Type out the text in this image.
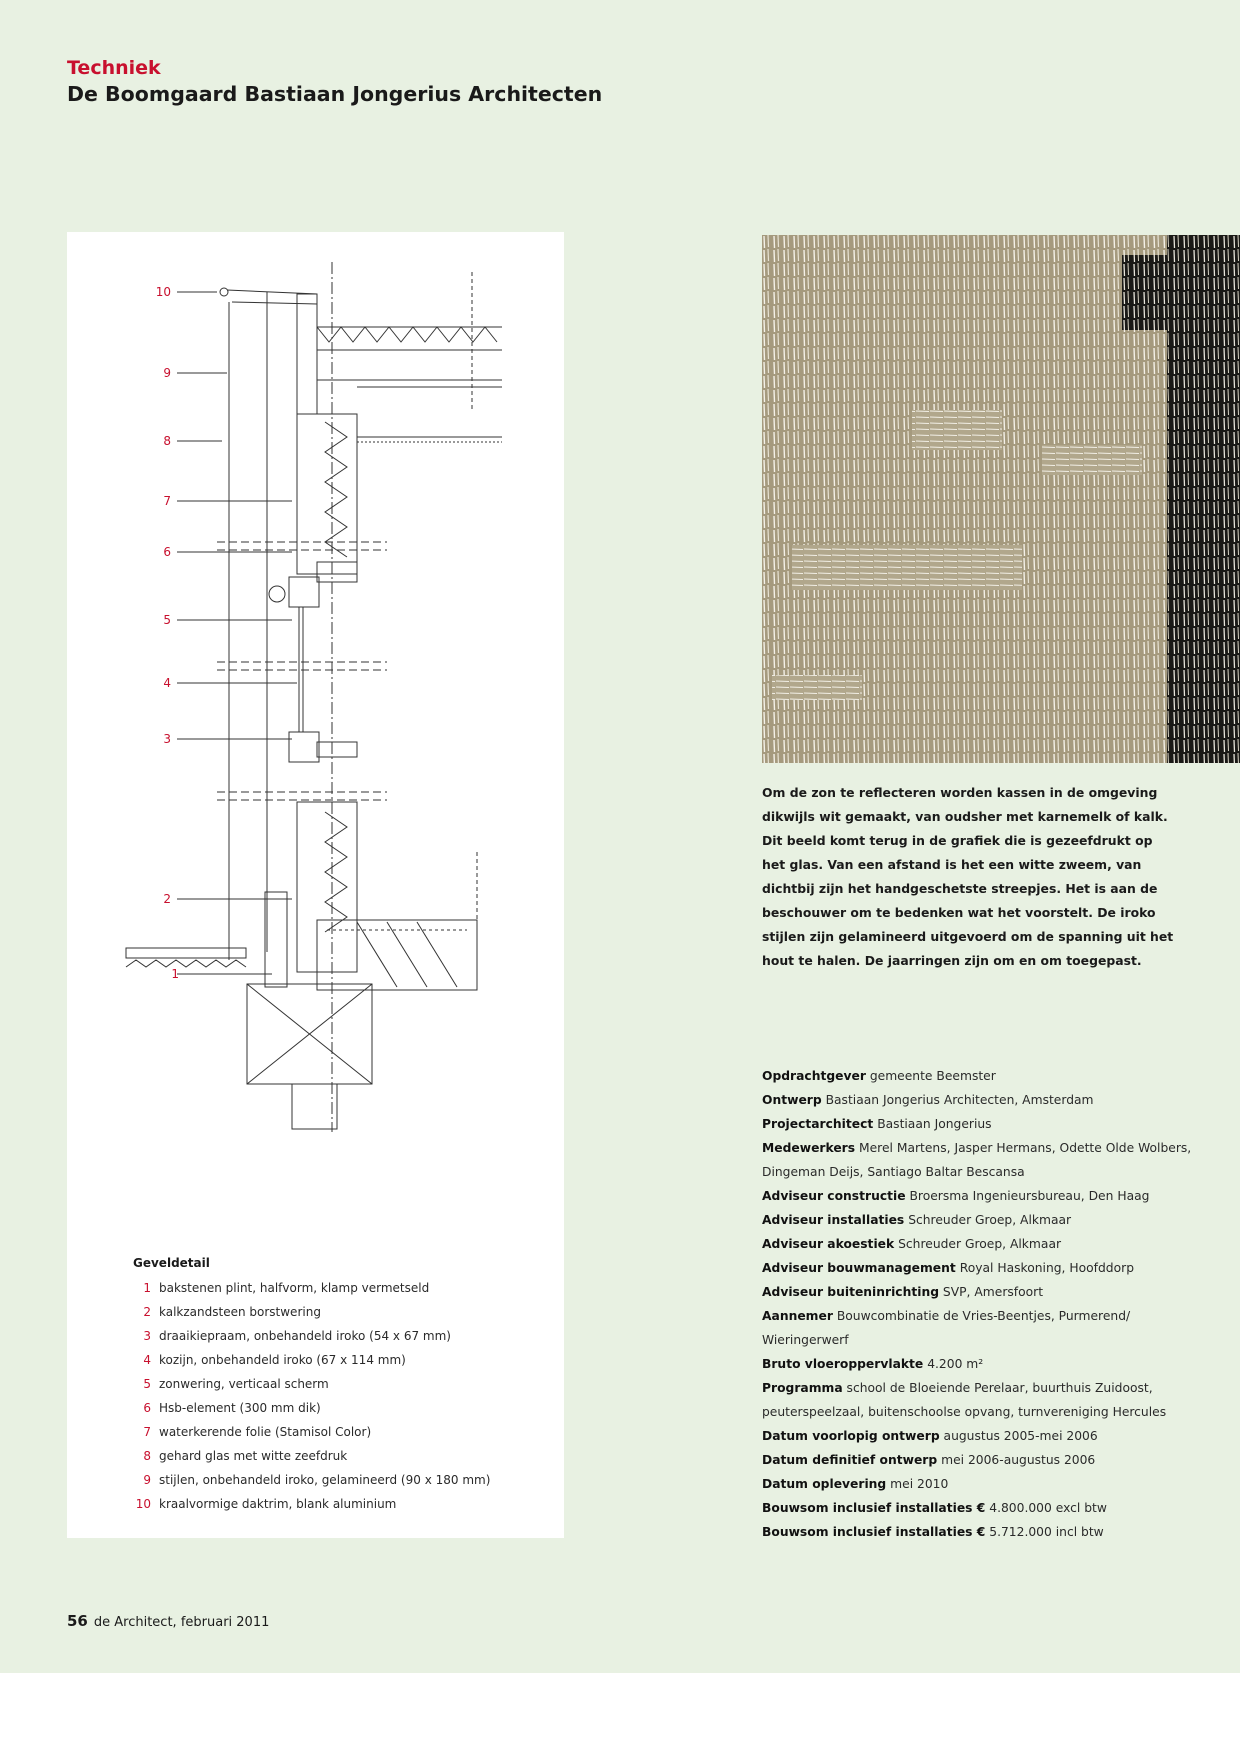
Techniek
De Boomgaard Bastiaan Jongerius Architecten
10
9
8
7
6
5
4
3
2
1
Geveldetail
1 bakstenen plint, halfvorm, klamp vermetseld
2 kalkzandsteen borstwering
3 draaikiepraam, onbehandeld iroko (54 x 67 mm)
4 kozijn, onbehandeld iroko (67 x 114 mm)
5 zonwering, verticaal scherm
6 Hsb-element (300 mm dik)
7 waterkerende folie (Stamisol Color)
8 gehard glas met witte zeefdruk
9 stijlen, onbehandeld iroko, gelamineerd (90 x 180 mm)
10 kraalvormige daktrim, blank aluminium
Om de zon te reflecteren worden kassen in de omgeving dikwijls wit gemaakt, van oudsher met karnemelk of kalk. Dit beeld komt terug in de grafiek die is gezeefdrukt op het glas. Van een afstand is het een witte zweem, van dichtbij zijn het handgeschetste streepjes. Het is aan de beschouwer om te bedenken wat het voorstelt. De iroko stijlen zijn gelamineerd uitgevoerd om de spanning uit het hout te halen. De jaarringen zijn om en om toegepast.
Opdrachtgever gemeente Beemster
Ontwerp Bastiaan Jongerius Architecten, Amsterdam
Projectarchitect Bastiaan Jongerius
Medewerkers Merel Martens, Jasper Hermans, Odette Olde Wolbers, Dingeman Deijs, Santiago Baltar Bescansa
Adviseur constructie Broersma Ingenieursbureau, Den Haag
Adviseur installaties Schreuder Groep, Alkmaar
Adviseur akoestiek Schreuder Groep, Alkmaar
Adviseur bouwmanagement Royal Haskoning, Hoofddorp
Adviseur buiteninrichting SVP, Amersfoort
Aannemer Bouwcombinatie de Vries-Beentjes, Purmerend/ Wieringerwerf
Bruto vloeroppervlakte 4.200 m²
Programma school de Bloeiende Perelaar, buurthuis Zuidoost, peuterspeelzaal, buitenschoolse opvang, turnvereniging Hercules
Datum voorlopig ontwerp augustus 2005-mei 2006
Datum definitief ontwerp mei 2006-augustus 2006
Datum oplevering mei 2010
Bouwsom inclusief installaties € 4.800.000 excl btw
Bouwsom inclusief installaties € 5.712.000 incl btw
56 de Architect, februari 2011
